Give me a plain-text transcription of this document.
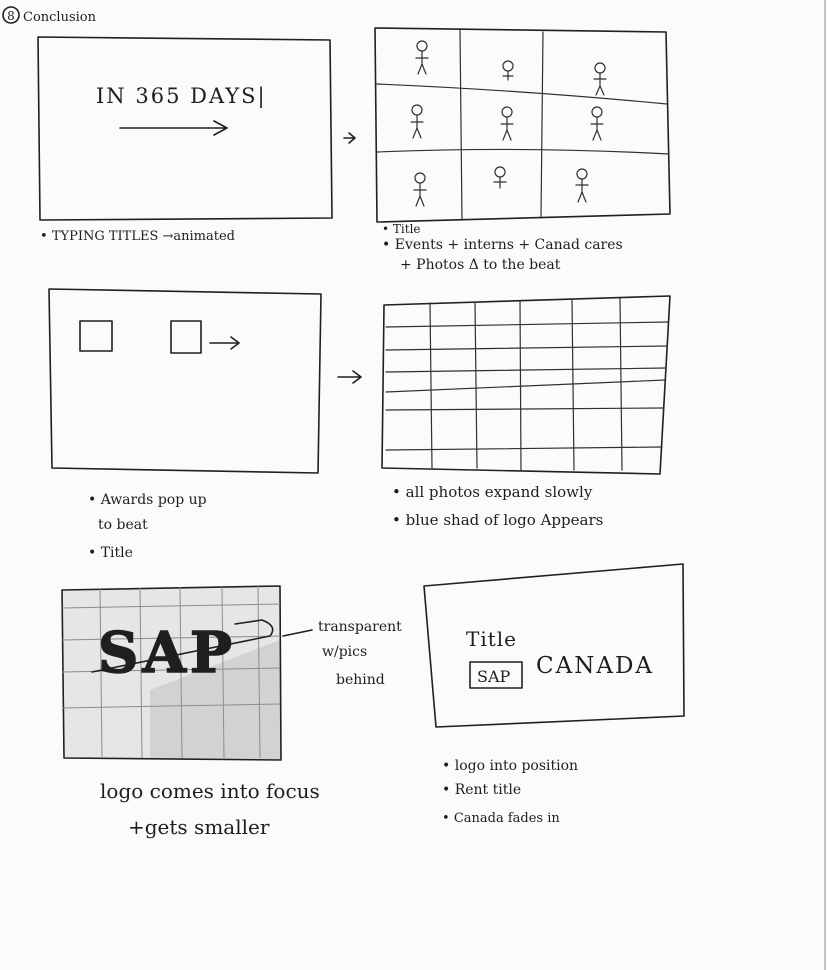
8 Conclusion
IN 365 DAYS|
• TYPING TITLES →animated	• Title
• Events + interns + Canad cares
+ Photos Δ to the beat
• Awards pop up
to beat
• Title
• all photos expand slowly
• blue shad of logo Appears
SAP	transparent
w/pics
behind
logo comes into focus
+gets smaller
Title
SAP CANADA
• logo into position
• Rent title
• Canada fades in
